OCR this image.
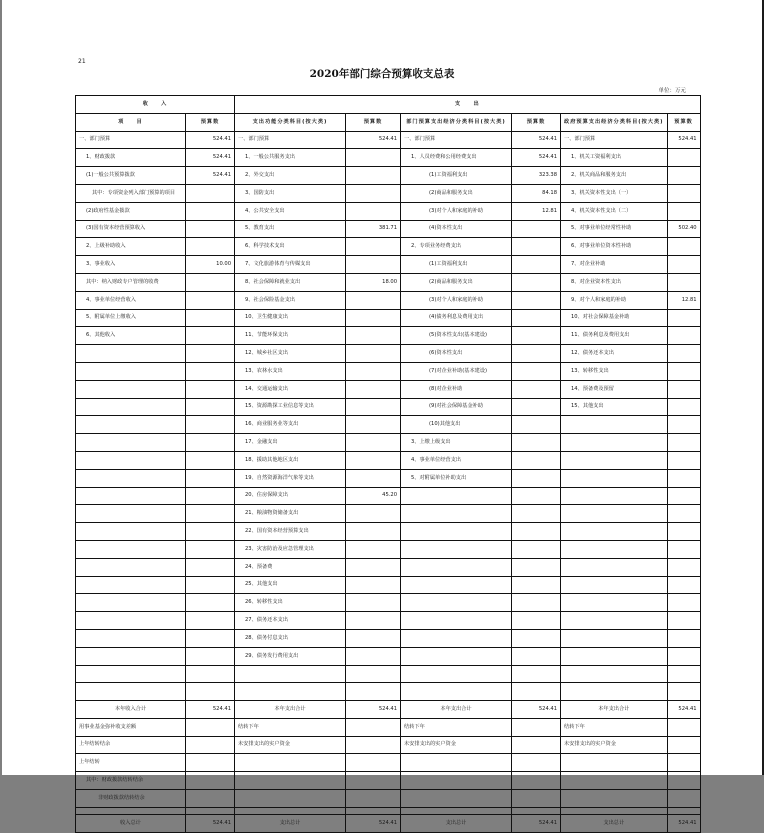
21
2020年部门综合预算收支总表
单位：万元
收　　入		支　　出					
项　　目	预算数	支出功能分类科目(按大类)	预算数	部门预算支出经济分类科目(按大类)	预算数	政府预算支出经济分类科目(按大类)	预算数
一、部门预算	524.41	一、部门预算	524.41	一、部门预算	524.41	一、部门预算	524.41
1、财政拨款	524.41	1、一般公共服务支出		1、人员经费和公用经费支出	524.41	1、机关工资福利支出	
(1)一般公共预算拨款	524.41	2、外交支出		(1)工资福利支出	323.38	2、机关商品和服务支出	
其中：专项资金列入部门预算的项目		3、国防支出		(2)商品和服务支出	84.18	3、机关资本性支出（一）	
(2)政府性基金拨款		4、公共安全支出		(3)对个人和家庭的补助	12.81	4、机关资本性支出（二）	
(3)国有资本经营预算收入		5、教育支出	381.71	(4)资本性支出		5、对事业单位经常性补助	502.40
2、上级补助收入		6、科学技术支出		2、专项业务经费支出		6、对事业单位资本性补助	
3、事业收入	10.00	7、文化旅游体育与传媒支出		(1)工资福利支出		7、对企业补助	
其中：纳入财政专户管理的收费		8、社会保障和就业支出	18.00	(2)商品和服务支出		8、对企业资本性支出	
4、事业单位经营收入		9、社会保险基金支出		(3)对个人和家庭的补助		9、对个人和家庭的补助	12.81
5、附属单位上缴收入		10、卫生健康支出		(4)债务利息及费用支出		10、对社会保障基金补助	
6、其他收入		11、节能环保支出		(5)资本性支出(基本建设)		11、债务利息及费用支出	
		12、城乡社区支出		(6)资本性支出		12、债务还本支出	
		13、农林水支出		(7)对企业补助(基本建设)		13、转移性支出	
		14、交通运输支出		(8)对企业补助		14、预备费及预留	
		15、资源勘探工业信息等支出		(9)对社会保障基金补助		15、其他支出	
		16、商业服务业等支出		(10)其他支出			
		17、金融支出		3、上缴上级支出			
		18、援助其他地区支出		4、事业单位经营支出			
		19、自然资源海洋气象等支出		5、对附属单位补助支出			
		20、住房保障支出	45.20				
		21、粮油物资储备支出					
		22、国有资本经营预算支出					
		23、灾害防治及应急管理支出					
		24、预备费					
		25、其他支出					
		26、转移性支出					
		27、债务还本支出					
		28、债务付息支出					
		29、债务发行费用支出					

本年收入合计	524.41	本年支出合计	524.41	本年支出合计	524.41	本年支出合计	524.41
用事业基金弥补收支差额		结转下年		结转下年		结转下年	
上年结转结余		未安排支出的实户资金		未安排支出的实户资金		未安排支出的实户资金	
上年结转							
其中：财政拨款结转结余							
非财政拨款结转结余							

收入总计	524.41	支出总计	524.41	支出总计	524.41	支出总计	524.41
